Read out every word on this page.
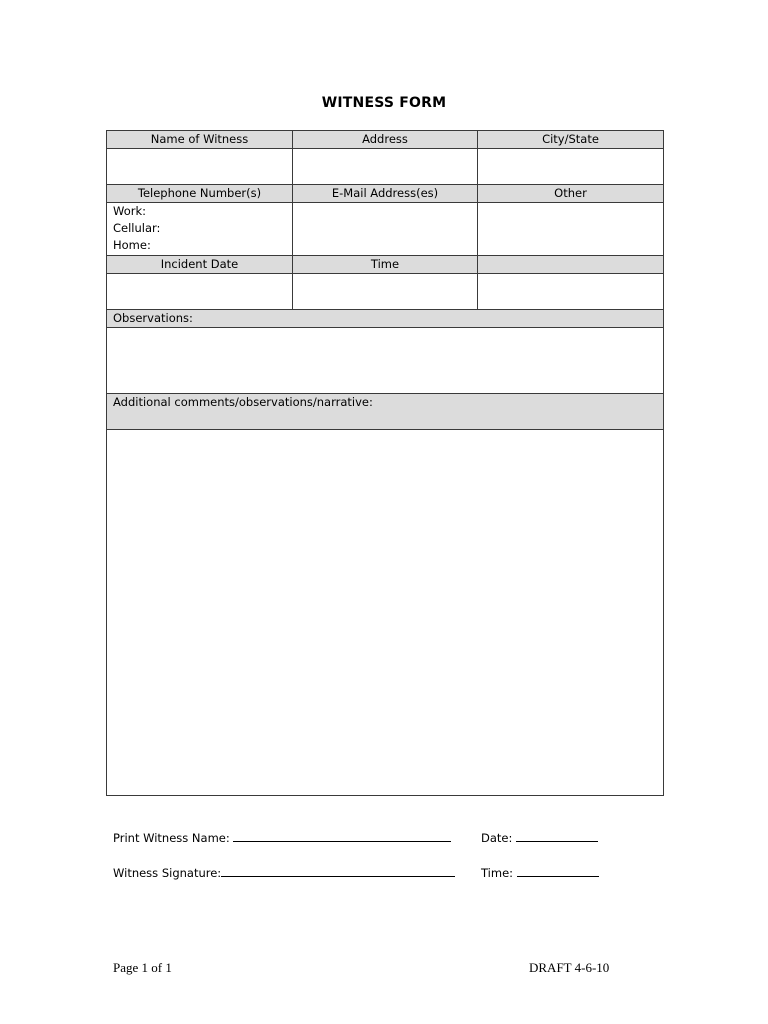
WITNESS FORM
Name of Witness	Address	City/State

Telephone Number(s)	E-Mail Address(es)	Other

Work:
Cellular:
Home:		

Incident Date	Time	

Observations:		

Additional comments/observations/narrative:		

Print Witness Name:	Date:
Witness Signature:	Time:
Page 1 of 1	DRAFT 4-6-10
